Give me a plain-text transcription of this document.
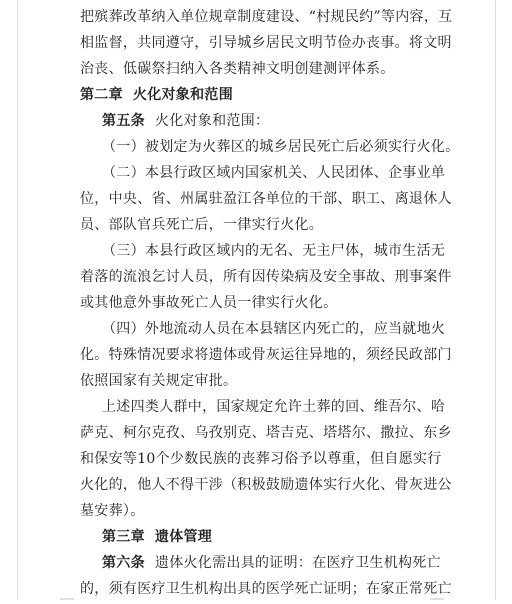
把殡葬改革纳入单位规章制度建设、“村规民约”等内容，互
相监督，共同遵守，引导城乡居民文明节俭办丧事。将文明
治丧、低碳祭扫纳入各类精神文明创建测评体系。
第二章 火化对象和范围
第五条 火化对象和范围：
（一）被划定为火葬区的城乡居民死亡后必须实行火化。
（二）本县行政区域内国家机关、人民团体、企事业单
位，中央、省、州属驻盈江各单位的干部、职工、离退休人
员、部队官兵死亡后，一律实行火化。
（三）本县行政区域内的无名、无主尸体，城市生活无
着落的流浪乞讨人员，所有因传染病及安全事故、刑事案件
或其他意外事故死亡人员一律实行火化。
（四）外地流动人员在本县辖区内死亡的，应当就地火
化。特殊情况要求将遗体或骨灰运往异地的，须经民政部门
依照国家有关规定审批。
上述四类人群中，国家规定允许土葬的回、维吾尔、哈
萨克、柯尔克孜、乌孜别克、塔吉克、塔塔尔、撒拉、东乡
和保安等10个少数民族的丧葬习俗予以尊重，但自愿实行
火化的，他人不得干涉（积极鼓励遗体实行火化、骨灰进公
墓安葬）。
第三章 遗体管理
第六条 遗体火化需出具的证明：在医疗卫生机构死亡
的，须有医疗卫生机构出具的医学死亡证明；在家正常死亡
